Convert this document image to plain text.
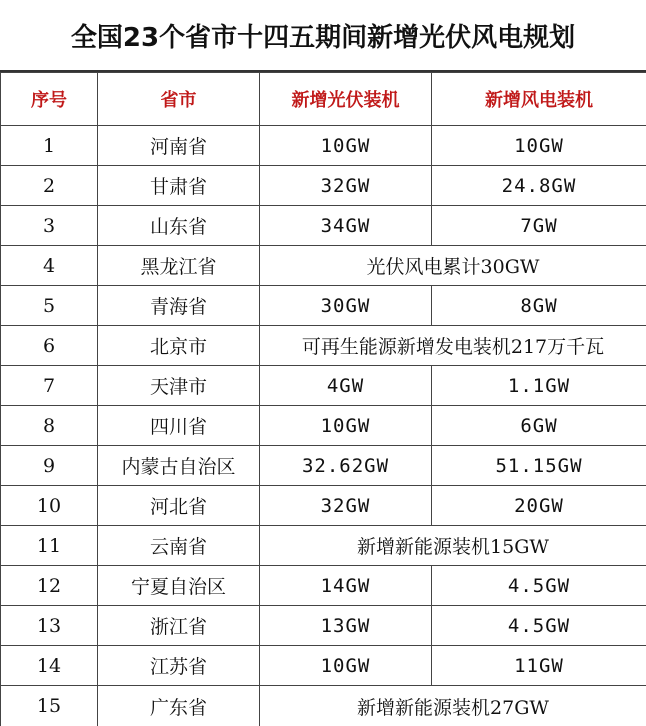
全国23个省市十四五期间新增光伏风电规划
序号	省市	新增光伏装机	新增风电装机
1	河南省	10GW	10GW
2	甘肃省	32GW	24.8GW
3	山东省	34GW	7GW
4	黑龙江省	光伏风电累计30GW	
5	青海省	30GW	8GW
6	北京市	可再生能源新增发电装机217万千瓦	
7	天津市	4GW	1.1GW
8	四川省	10GW	6GW
9	内蒙古自治区	32.62GW	51.15GW
10	河北省	32GW	20GW
11	云南省	新增新能源装机15GW	
12	宁夏自治区	14GW	4.5GW
13	浙江省	13GW	4.5GW
14	江苏省	10GW	11GW
15	广东省	新增新能源装机27GW	
